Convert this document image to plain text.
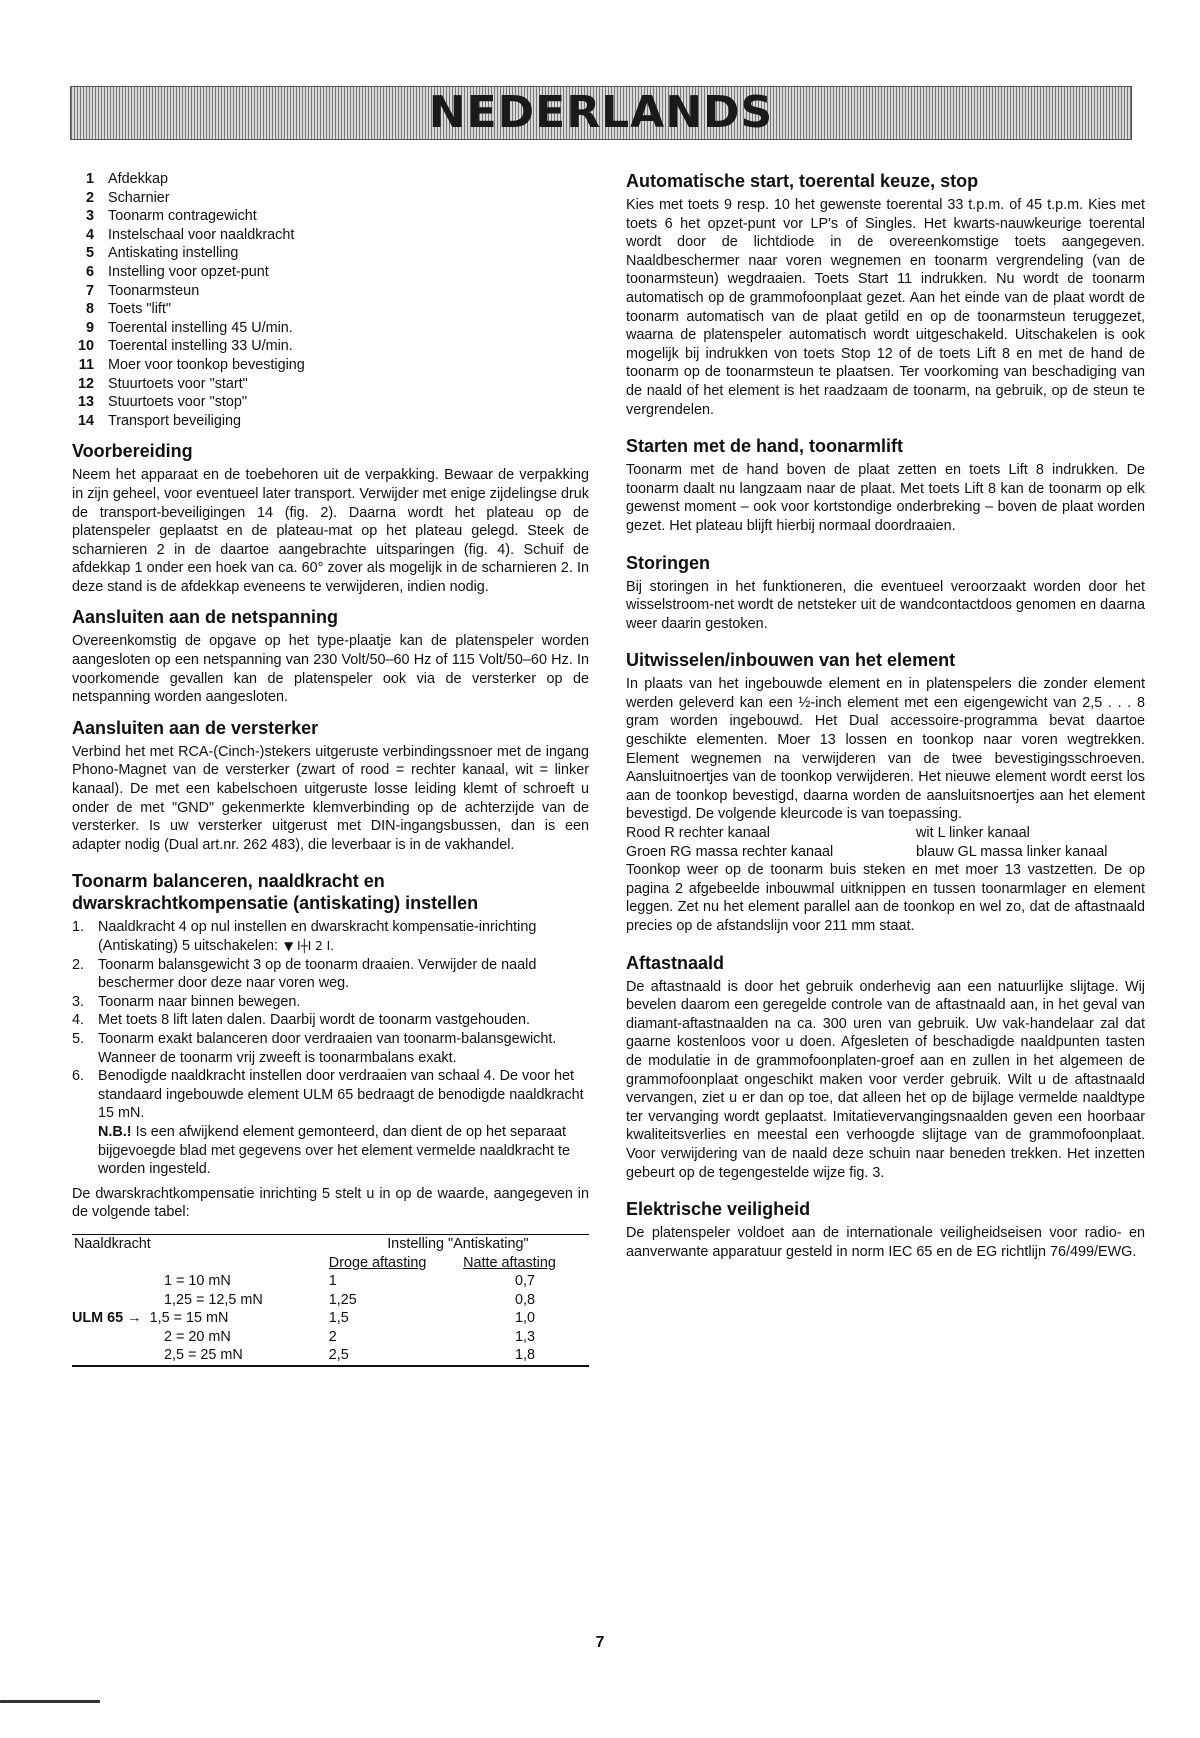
NEDERLANDS
1 Afdekkap
2 Scharnier
3 Toonarm contragewicht
4 Instelschaal voor naaldkracht
5 Antiskating instelling
6 Instelling voor opzet-punt
7 Toonarmsteun
8 Toets "lift"
9 Toerental instelling 45 U/min.
10 Toerental instelling 33 U/min.
11 Moer voor toonkop bevestiging
12 Stuurtoets voor "start"
13 Stuurtoets voor "stop"
14 Transport beveiliging
Voorbereiding

Neem het apparaat en de toebehoren uit de verpakking. Bewaar de verpakking in zijn geheel, voor eventueel later transport. Verwijder met enige zijdelingse druk de transport-beveiligingen 14 (fig. 2). Daarna wordt het plateau op de platenspeler geplaatst en de plateau-mat op het plateau gelegd. Steek de scharnieren 2 in de daartoe aangebrachte uitsparingen (fig. 4). Schuif de afdekkap 1 onder een hoek van ca. 60° zover als mogelijk in de scharnieren 2. In deze stand is de afdekkap eveneens te verwijderen, indien nodig.

Aansluiten aan de netspanning

Overeenkomstig de opgave op het type-plaatje kan de platenspeler worden aangesloten op een netspanning van 230 Volt/50–60 Hz of 115 Volt/50–60 Hz. In voorkomende gevallen kan de platenspeler ook via de versterker op de netspanning worden aangesloten.

Aansluiten aan de versterker

Verbind het met RCA-(Cinch-)stekers uitgeruste verbindingssnoer met de ingang Phono-Magnet van de versterker (zwart of rood = rechter kanaal, wit = linker kanaal). De met een kabelschoen uitgeruste losse leiding klemt of schroeft u onder de met "GND" gekenmerkte klemverbinding op de achterzijde van de versterker. Is uw versterker uitgerust met DIN-ingangsbussen, dan is een adapter nodig (Dual art.nr. 262 483), die leverbaar is in de vakhandel.

Toonarm balanceren, naaldkracht en dwarskrachtkompensatie (antiskating) instellen
1. Naaldkracht 4 op nul instellen en dwarskracht kompensatie-inrichting (Antiskating) 5 uitschakelen: ▼ I┼I 2 I.
2. Toonarm balansgewicht 3 op de toonarm draaien. Verwijder de naald beschermer door deze naar voren weg.
3. Toonarm naar binnen bewegen.
4. Met toets 8 lift laten dalen. Daarbij wordt de toonarm vastgehouden.
5. Toonarm exakt balanceren door verdraaien van toonarm-balansgewicht. Wanneer de toonarm vrij zweeft is toonarmbalans exakt.
6. Benodigde naaldkracht instellen door verdraaien van schaal 4. De voor het standaard ingebouwde element ULM 65 bedraagt de benodigde naaldkracht 15 mN.
N.B.! Is een afwijkend element gemonteerd, dan dient de op het separaat bijgevoegde blad met gegevens over het element vermelde naaldkracht te worden ingesteld.

De dwarskrachtkompensatie inrichting 5 stelt u in op de waarde, aangegeven in de volgende tabel:

Naaldkracht	Instelling "Antiskating"	
	Droge aftasting	Natte aftasting
1 = 10 mN	1	0,7
1,25 = 12,5 mN	1,25	0,8
ULM 65 → 1,5 = 15 mN	1,5	1,0
2 = 20 mN	2	1,3
2,5 = 25 mN	2,5	1,8
Automatische start, toerental keuze, stop

Kies met toets 9 resp. 10 het gewenste toerental 33 t.p.m. of 45 t.p.m. Kies met toets 6 het opzet-punt vor LP's of Singles. Het kwarts-nauwkeurige toerental wordt door de lichtdiode in de overeenkomstige toets aangegeven. Naaldbeschermer naar voren wegnemen en toonarm vergrendeling (van de toonarmsteun) wegdraaien. Toets Start 11 indrukken. Nu wordt de toonarm automatisch op de grammofoonplaat gezet. Aan het einde van de plaat wordt de toonarm automatisch van de plaat getild en op de toonarmsteun teruggezet, waarna de platenspeler automatisch wordt uitgeschakeld. Uitschakelen is ook mogelijk bij indrukken von toets Stop 12 of de toets Lift 8 en met de hand de toonarm op de toonarmsteun te plaatsen. Ter voorkoming van beschadiging van de naald of het element is het raadzaam de toonarm, na gebruik, op de steun te vergrendelen.

Starten met de hand, toonarmlift

Toonarm met de hand boven de plaat zetten en toets Lift 8 indrukken. De toonarm daalt nu langzaam naar de plaat. Met toets Lift 8 kan de toonarm op elk gewenst moment – ook voor kortstondige onderbreking – boven de plaat worden gezet. Het plateau blijft hierbij normaal doordraaien.

Storingen

Bij storingen in het funktioneren, die eventueel veroorzaakt worden door het wisselstroom-net wordt de netsteker uit de wandcontactdoos genomen en daarna weer daarin gestoken.

Uitwisselen/inbouwen van het element

In plaats van het ingebouwde element en in platenspelers die zonder element werden geleverd kan een ½-inch element met een eigengewicht van 2,5 . . . 8 gram worden ingebouwd. Het Dual accessoire-programma bevat daartoe geschikte elementen. Moer 13 lossen en toonkop naar voren wegtrekken. Element wegnemen na verwijderen van de twee bevestigingsschroeven. Aansluitnoertjes van de toonkop verwijderen. Het nieuwe element wordt eerst los aan de toonkop bevestigd, daarna worden de aansluitsnoertjes aan het element bevestigd. De volgende kleurcode is van toepassing.

Rood R rechter kanaal	wit L linker kanaal
Groen RG massa rechter kanaal	blauw GL massa linker kanaal

Toonkop weer op de toonarm buis steken en met moer 13 vastzetten. De op pagina 2 afgebeelde inbouwmal uitknippen en tussen toonarmlager en element leggen. Zet nu het element parallel aan de toonkop en wel zo, dat de aftastnaald precies op de afstandslijn voor 211 mm staat.

Aftastnaald

De aftastnaald is door het gebruik onderhevig aan een natuurlijke slijtage. Wij bevelen daarom een geregelde controle van de aftastnaald aan, in het geval van diamant-aftastnaalden na ca. 300 uren van gebruik. Uw vak-handelaar zal dat gaarne kostenloos voor u doen. Afgesleten of beschadigde naaldpunten tasten de modulatie in de grammofoonplaten-groef aan en zullen in het algemeen de grammofoonplaat ongeschikt maken voor verder gebruik. Wilt u de aftastnaald vervangen, ziet u er dan op toe, dat alleen het op de bijlage vermelde naaldtype ter vervanging wordt geplaatst. Imitatievervangingsnaalden geven een hoorbaar kwaliteitsverlies en meestal een verhoogde slijtage van de grammofoonplaat. Voor verwijdering van de naald deze schuin naar beneden trekken. Het inzetten gebeurt op de tegengestelde wijze fig. 3.

Elektrische veiligheid

De platenspeler voldoet aan de internationale veiligheidseisen voor radio- en aanverwante apparatuur gesteld in norm IEC 65 en de EG richtlijn 76/499/EWG.

7
